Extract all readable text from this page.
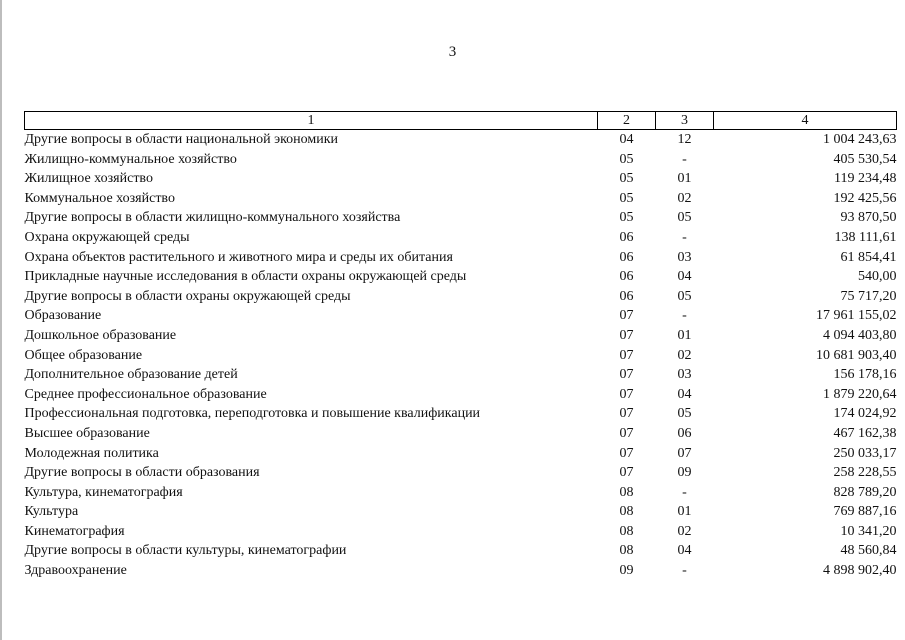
3
1	2	3	4
Другие вопросы в области национальной экономики	04	12	1 004 243,63
Жилищно-коммунальное хозяйство	05	-	405 530,54
Жилищное хозяйство	05	01	119 234,48
Коммунальное хозяйство	05	02	192 425,56
Другие вопросы в области жилищно-коммунального хозяйства	05	05	93 870,50
Охрана окружающей среды	06	-	138 111,61
Охрана объектов растительного и животного мира и среды их обитания	06	03	61 854,41
Прикладные научные исследования в области охраны окружающей среды	06	04	540,00
Другие вопросы в области охраны окружающей среды	06	05	75 717,20
Образование	07	-	17 961 155,02
Дошкольное образование	07	01	4 094 403,80
Общее образование	07	02	10 681 903,40
Дополнительное образование детей	07	03	156 178,16
Среднее профессиональное образование	07	04	1 879 220,64
Профессиональная подготовка, переподготовка и повышение квалификации	07	05	174 024,92
Высшее образование	07	06	467 162,38
Молодежная политика	07	07	250 033,17
Другие вопросы в области образования	07	09	258 228,55
Культура, кинематография	08	-	828 789,20
Культура	08	01	769 887,16
Кинематография	08	02	10 341,20
Другие вопросы в области культуры, кинематографии	08	04	48 560,84
Здравоохранение	09	-	4 898 902,40
